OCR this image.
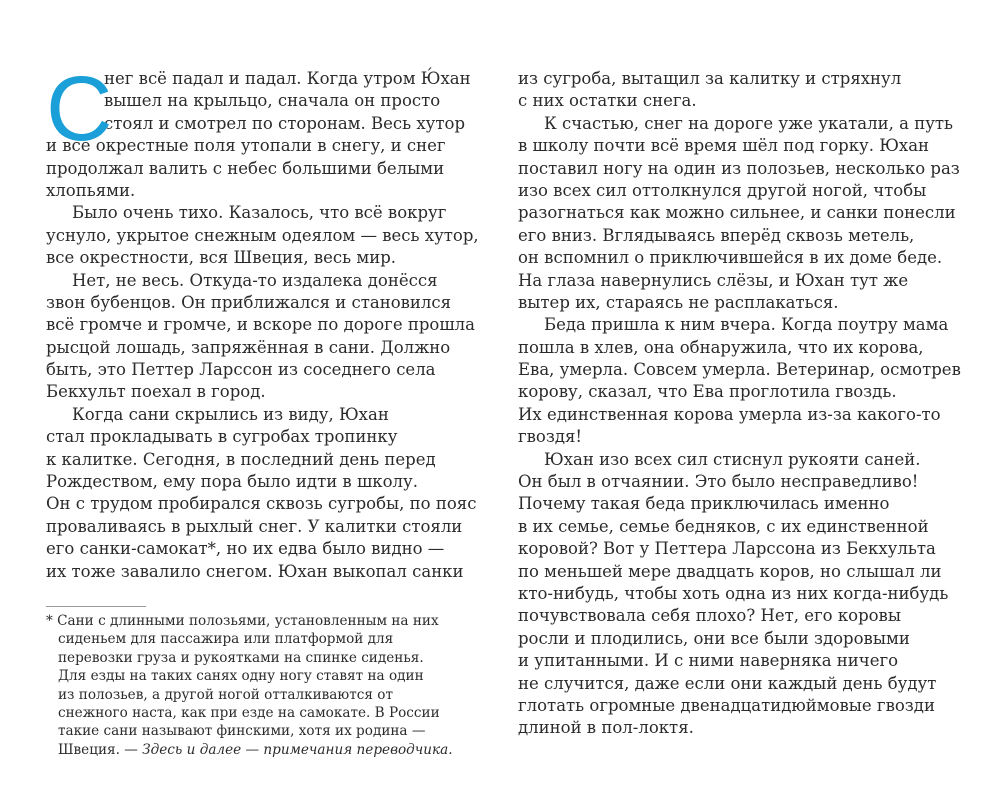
С
нег всё падал и падал. Когда утром Ю́хан
вышел на крыльцо, сначала он просто
стоял и смотрел по сторонам. Весь хутор
и все окрестные поля утопали в снегу, и снег
продолжал валить с небес большими белыми
хлопьями.
Было очень тихо. Казалось, что всё вокруг
уснуло, укрытое снежным одеялом — весь хутор,
все окрестности, вся Швеция, весь мир.
Нет, не весь. Откуда-то издалека донёсся
звон бубенцов. Он приближался и становился
всё громче и громче, и вскоре по дороге прошла
рысцой лошадь, запряжённая в сани. Должно
быть, это Петтер Ларссон из соседнего села
Бекхульт поехал в город.
Когда сани скрылись из виду, Юхан
стал прокладывать в сугробах тропинку
к калитке. Сегодня, в последний день перед
Рождеством, ему пора было идти в школу.
Он с трудом пробирался сквозь сугробы, по пояс
проваливаясь в рыхлый снег. У калитки стояли
его санки-самокат*, но их едва было видно —
их тоже завалило снегом. Юхан выкопал санки
* Сани с длинными полозьями, установленным на них
сиденьем для пассажира или платформой для
перевозки груза и рукоятками на спинке сиденья.
Для езды на таких санях одну ногу ставят на один
из полозьев, а другой ногой отталкиваются от
снежного наста, как при езде на самокате. В России
такие сани называют финскими, хотя их родина —
Швеция. — Здесь и далее — примечания переводчика.
из сугроба, вытащил за калитку и стряхнул
с них остатки снега.
К счастью, снег на дороге уже укатали, а путь
в школу почти всё время шёл под горку. Юхан
поставил ногу на один из полозьев, несколько раз
изо всех сил оттолкнулся другой ногой, чтобы
разогнаться как можно сильнее, и санки понесли
его вниз. Вглядываясь вперёд сквозь метель,
он вспомнил о приключившейся в их доме беде.
На глаза навернулись слёзы, и Юхан тут же
вытер их, стараясь не расплакаться.
Беда пришла к ним вчера. Когда поутру мама
пошла в хлев, она обнаружила, что их корова,
Ева, умерла. Совсем умерла. Ветеринар, осмотрев
корову, сказал, что Ева проглотила гвоздь.
Их единственная корова умерла из-за какого-то
гвоздя!
Юхан изо всех сил стиснул рукояти саней.
Он был в отчаянии. Это было несправедливо!
Почему такая беда приключилась именно
в их семье, семье бедняков, с их единственной
коровой? Вот у Петтера Ларссона из Бекхульта
по меньшей мере двадцать коров, но слышал ли
кто-нибудь, чтобы хоть одна из них когда-нибудь
почувствовала себя плохо? Нет, его коровы
росли и плодились, они все были здоровыми
и упитанными. И с ними наверняка ничего
не случится, даже если они каждый день будут
глотать огромные двенадцатидюймовые гвозди
длиной в пол-локтя.
